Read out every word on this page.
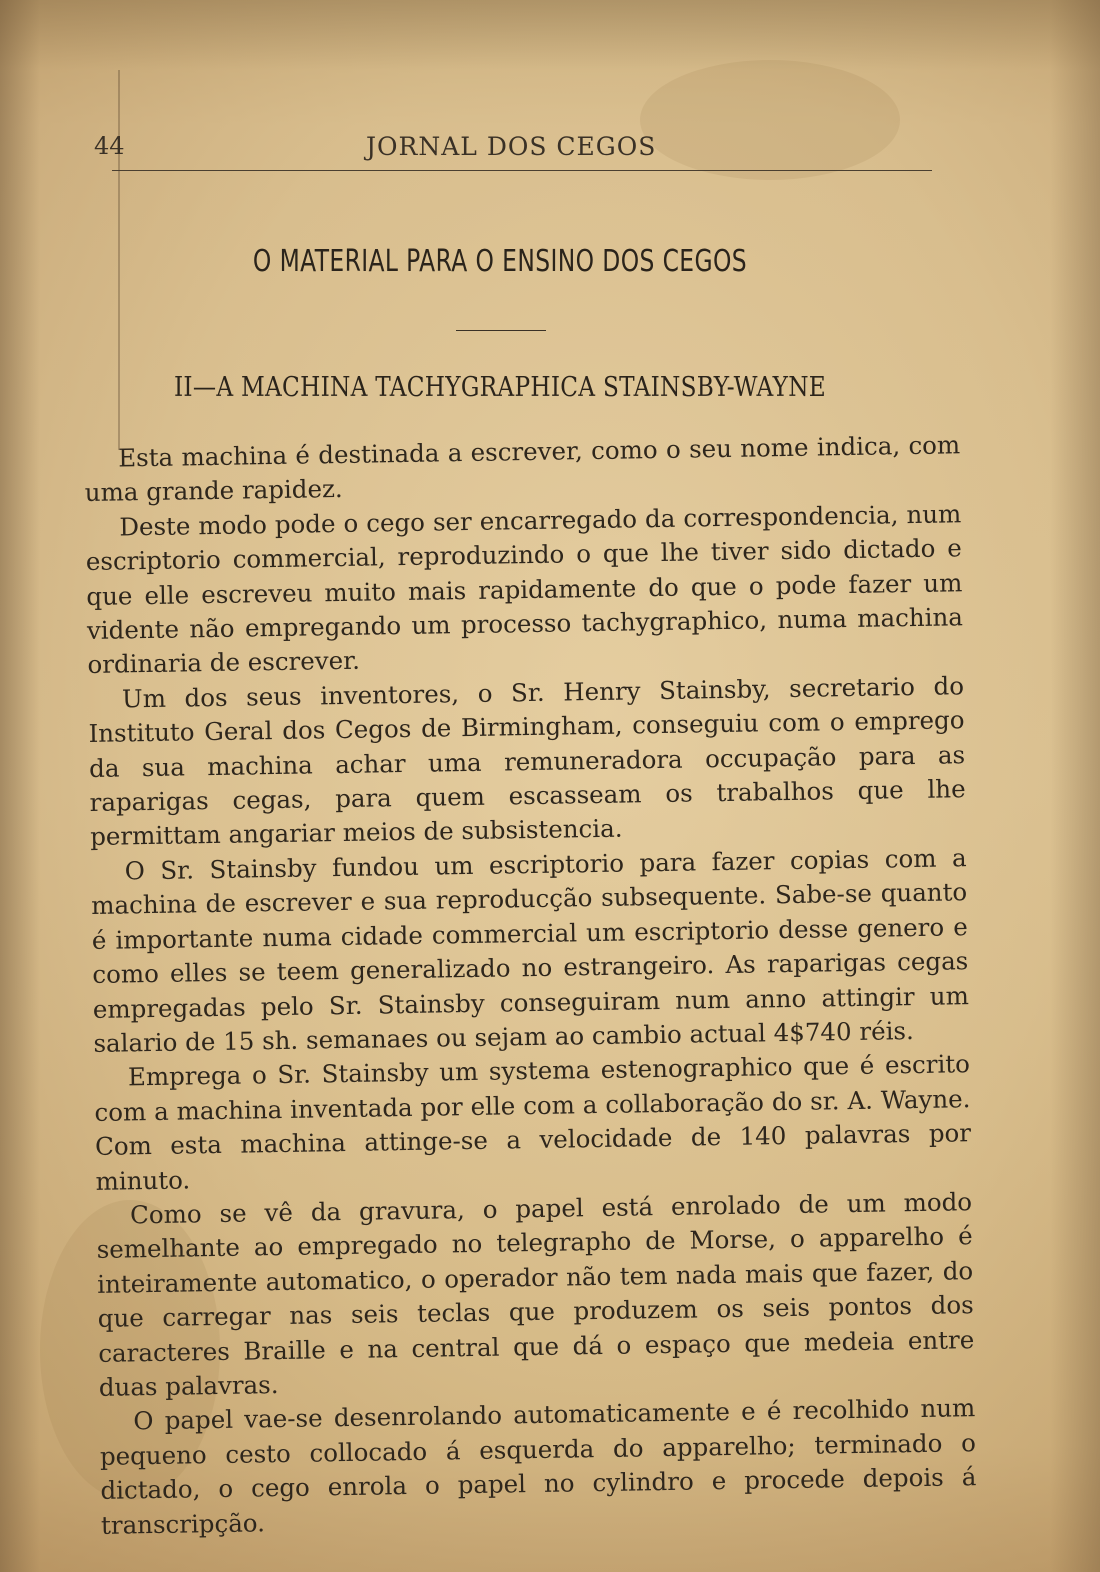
44	JORNAL DOS CEGOS
O MATERIAL PARA O ENSINO DOS CEGOS
II—A MACHINA TACHYGRAPHICA STAINSBY-WAYNE

Esta machina é destinada a escrever, como o seu nome indica, com uma grande rapidez.

Deste modo pode o cego ser encarregado da correspondencia, num escriptorio commercial, reproduzindo o que lhe tiver sido dictado e que elle escreveu muito mais rapidamente do que o pode fazer um vidente não empregando um processo tachygraphico, numa machina ordinaria de escrever.

Um dos seus inventores, o Sr. Henry Stainsby, secretario do Instituto Geral dos Cegos de Birmingham, conseguiu com o emprego da sua machina achar uma remuneradora occupação para as raparigas cegas, para quem escasseam os trabalhos que lhe permittam angariar meios de subsistencia.

O Sr. Stainsby fundou um escriptorio para fazer copias com a machina de escrever e sua reproducção subsequente. Sabe-se quanto é importante numa cidade commercial um escriptorio desse genero e como elles se teem generalizado no estrangeiro. As raparigas cegas empregadas pelo Sr. Stainsby conseguiram num anno attingir um salario de 15 sh. semanaes ou sejam ao cambio actual 4$740 réis.

Emprega o Sr. Stainsby um systema estenographico que é escrito com a machina inventada por elle com a collaboração do sr. A. Wayne. Com esta machina attinge-se a velocidade de 140 palavras por minuto.

Como se vê da gravura, o papel está enrolado de um modo semelhante ao empregado no telegrapho de Morse, o apparelho é inteiramente automatico, o operador não tem nada mais que fazer, do que carregar nas seis teclas que produzem os seis pontos dos caracteres Braille e na central que dá o espaço que medeia entre duas palavras.

O papel vae-se desenrolando automaticamente e é recolhido num pequeno cesto collocado á esquerda do apparelho; terminado o dictado, o cego enrola o papel no cylindro e procede depois á transcripção.
